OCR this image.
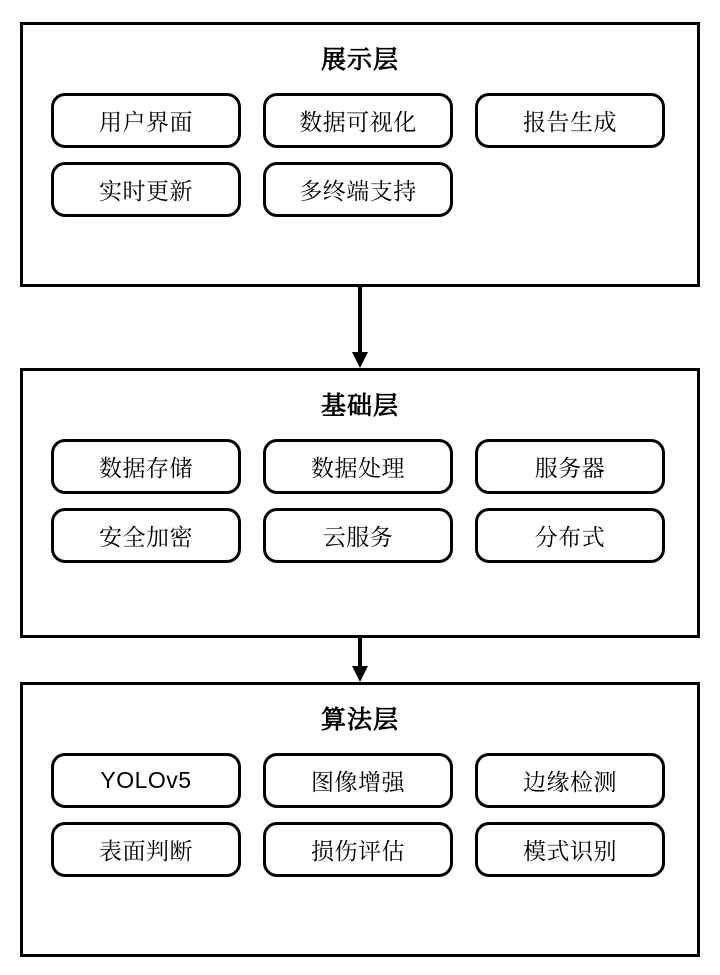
展示层
用户界面	数据可视化	报告生成
实时更新	多终端支持
基础层
数据存储	数据处理	服务器
安全加密	云服务	分布式
算法层
YOLOv5	图像增强	边缘检测
表面判断	损伤评估	模式识别
